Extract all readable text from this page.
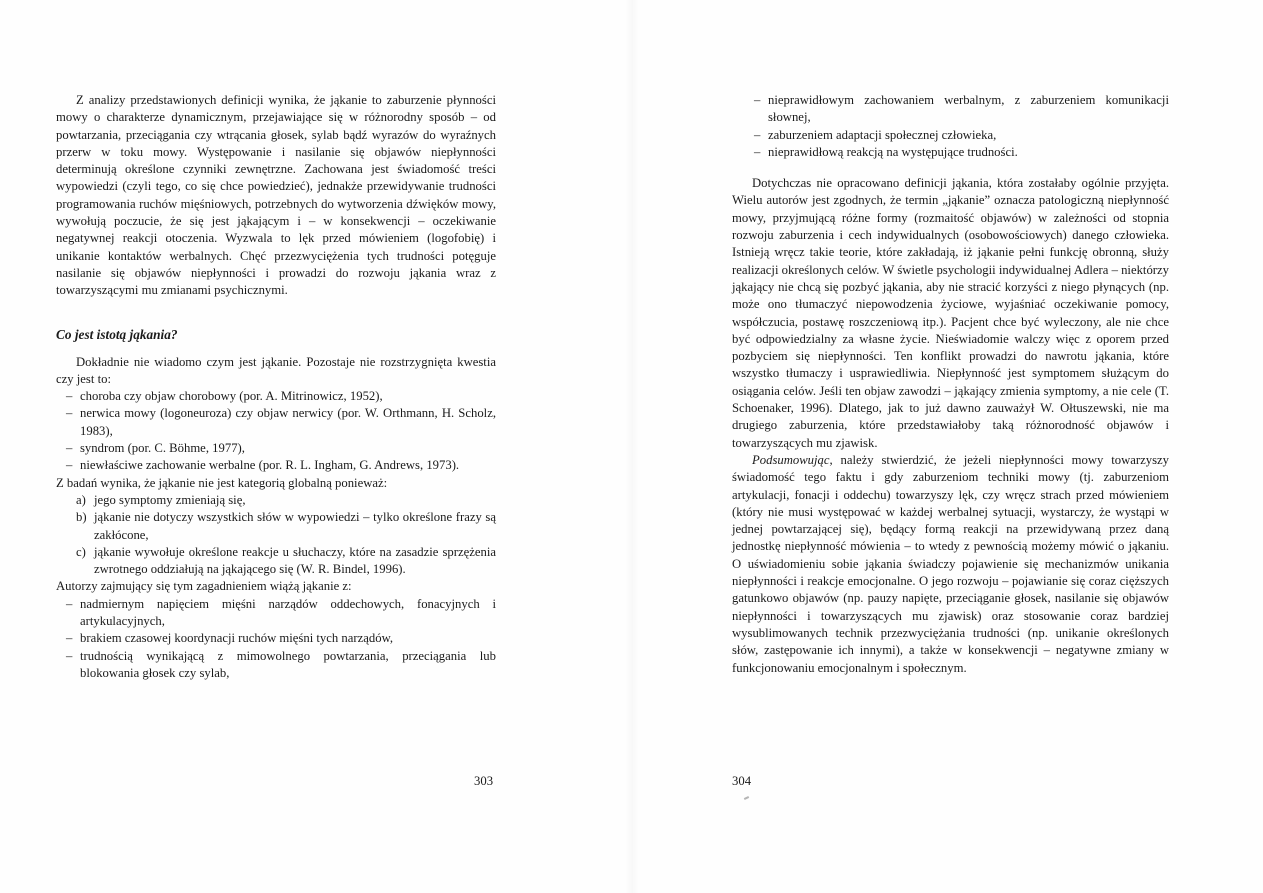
Z analizy przedstawionych definicji wynika, że jąkanie to zaburzenie płynności mowy o charakterze dynamicznym, przejawiające się w różnorodny sposób – od powtarzania, przeciągania czy wtrącania głosek, sylab bądź wyrazów do wyraźnych przerw w toku mowy. Występowanie i nasilanie się objawów niepłynności determinują określone czynniki zewnętrzne. Zachowana jest świadomość treści wypowiedzi (czyli tego, co się chce powiedzieć), jednakże przewidywanie trudności programowania ruchów mięśniowych, potrzebnych do wytworzenia dźwięków mowy, wywołują poczucie, że się jest jąkającym i – w konsekwencji – oczekiwanie negatywnej reakcji otoczenia. Wyzwala to lęk przed mówieniem (logofobię) i unikanie kontaktów werbalnych. Chęć przezwyciężenia tych trudności potęguje nasilanie się objawów niepłynności i prowadzi do rozwoju jąkania wraz z towarzyszącymi mu zmianami psychicznymi.

Co jest istotą jąkania?

Dokładnie nie wiadomo czym jest jąkanie. Pozostaje nie rozstrzygnięta kwestia czy jest to:

– choroba czy objaw chorobowy (por. A. Mitrinowicz, 1952),
– nerwica mowy (logoneuroza) czy objaw nerwicy (por. W. Orthmann, H. Scholz, 1983),
– syndrom (por. C. Böhme, 1977),
– niewłaściwe zachowanie werbalne (por. R. L. Ingham, G. Andrews, 1973).

Z badań wynika, że jąkanie nie jest kategorią globalną ponieważ:

a) jego symptomy zmieniają się,
b) jąkanie nie dotyczy wszystkich słów w wypowiedzi – tylko określone frazy są zakłócone,
c) jąkanie wywołuje określone reakcje u słuchaczy, które na zasadzie sprzężenia zwrotnego oddziałują na jąkającego się (W. R. Bindel, 1996).

Autorzy zajmujący się tym zagadnieniem wiążą jąkanie z:

– nadmiernym napięciem mięśni narządów oddechowych, fonacyjnych i artykulacyjnych,
– brakiem czasowej koordynacji ruchów mięśni tych narządów,
– trudnością wynikającą z mimowolnego powtarzania, przeciągania lub blokowania głosek czy sylab,
303
– nieprawidłowym zachowaniem werbalnym, z zaburzeniem komunikacji słownej,
– zaburzeniem adaptacji społecznej człowieka,
– nieprawidłową reakcją na występujące trudności.

Dotychczas nie opracowano definicji jąkania, która zostałaby ogólnie przyjęta. Wielu autorów jest zgodnych, że termin „jąkanie” oznacza patologiczną niepłynność mowy, przyjmującą różne formy (rozmaitość objawów) w zależności od stopnia rozwoju zaburzenia i cech indywidualnych (osobowościowych) danego człowieka. Istnieją wręcz takie teorie, które zakładają, iż jąkanie pełni funkcję obronną, służy realizacji określonych celów. W świetle psychologii indywidualnej Adlera – niektórzy jąkający nie chcą się pozbyć jąkania, aby nie stracić korzyści z niego płynących (np. może ono tłumaczyć niepowodzenia życiowe, wyjaśniać oczekiwanie pomocy, współczucia, postawę roszczeniową itp.). Pacjent chce być wyleczony, ale nie chce być odpowiedzialny za własne życie. Nieświadomie walczy więc z oporem przed pozbyciem się niepłynności. Ten konflikt prowadzi do nawrotu jąkania, które wszystko tłumaczy i usprawiedliwia. Niepłynność jest symptomem służącym do osiągania celów. Jeśli ten objaw zawodzi – jąkający zmienia symptomy, a nie cele (T. Schoenaker, 1996). Dlatego, jak to już dawno zauważył W. Ołtuszewski, nie ma drugiego zaburzenia, które przedstawiałoby taką różnorodność objawów i towarzyszących mu zjawisk.

Podsumowując, należy stwierdzić, że jeżeli niepłynności mowy towarzyszy świadomość tego faktu i gdy zaburzeniom techniki mowy (tj. zaburzeniom artykulacji, fonacji i oddechu) towarzyszy lęk, czy wręcz strach przed mówieniem (który nie musi występować w każdej werbalnej sytuacji, wystarczy, że wystąpi w jednej powtarzającej się), będący formą reakcji na przewidywaną przez daną jednostkę niepłynność mówienia – to wtedy z pewnością możemy mówić o jąkaniu. O uświadomieniu sobie jąkania świadczy pojawienie się mechanizmów unikania niepłynności i reakcje emocjonalne. O jego rozwoju – pojawianie się coraz cięższych gatunkowo objawów (np. pauzy napięte, przeciąganie głosek, nasilanie się objawów niepłynności i towarzyszących mu zjawisk) oraz stosowanie coraz bardziej wysublimowanych technik przezwyciężania trudności (np. unikanie określonych słów, zastępowanie ich innymi), a także w konsekwencji – negatywne zmiany w funkcjonowaniu emocjonalnym i społecznym.

304
